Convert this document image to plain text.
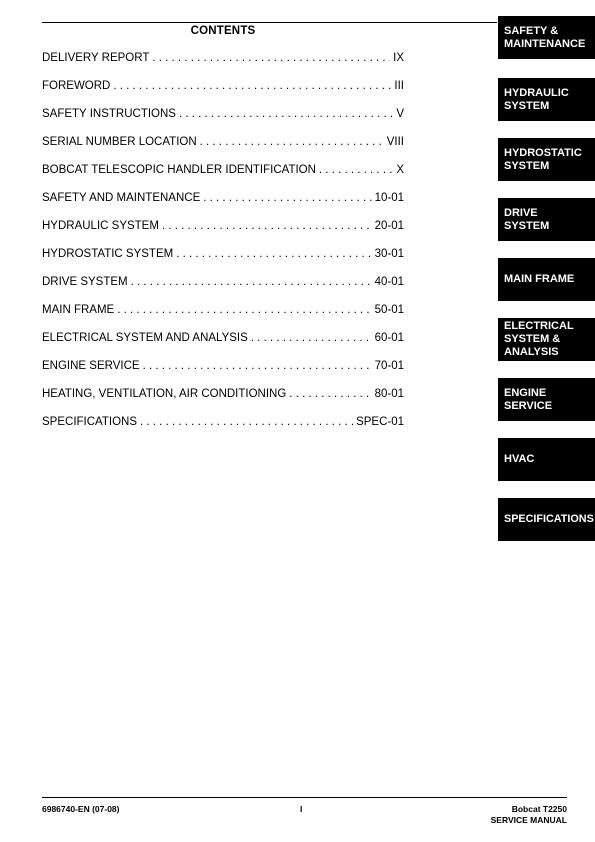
CONTENTS
DELIVERY REPORT . . .	IX
FOREWORD . . .	III
SAFETY INSTRUCTIONS . . .	V
SERIAL NUMBER LOCATION . . .	VIII
BOBCAT TELESCOPIC HANDLER IDENTIFICATION . . .	X
SAFETY AND MAINTENANCE . . .	10-01
HYDRAULIC SYSTEM . . .	20-01
HYDROSTATIC SYSTEM . . .	30-01
DRIVE SYSTEM . . .	40-01
MAIN FRAME . . .	50-01
ELECTRICAL SYSTEM AND ANALYSIS . . .	60-01
ENGINE SERVICE . . .	70-01
HEATING, VENTILATION, AIR CONDITIONING . . .	80-01
SPECIFICATIONS . . .	SPEC-01
SAFETY &
MAINTENANCE
HYDRAULIC
SYSTEM
HYDROSTATIC
SYSTEM
DRIVE
SYSTEM
MAIN FRAME
ELECTRICAL
SYSTEM &
ANALYSIS
ENGINE
SERVICE
HVAC
SPECIFICATIONS
6986740-EN (07-08)	I	Bobcat T2250
SERVICE MANUAL
